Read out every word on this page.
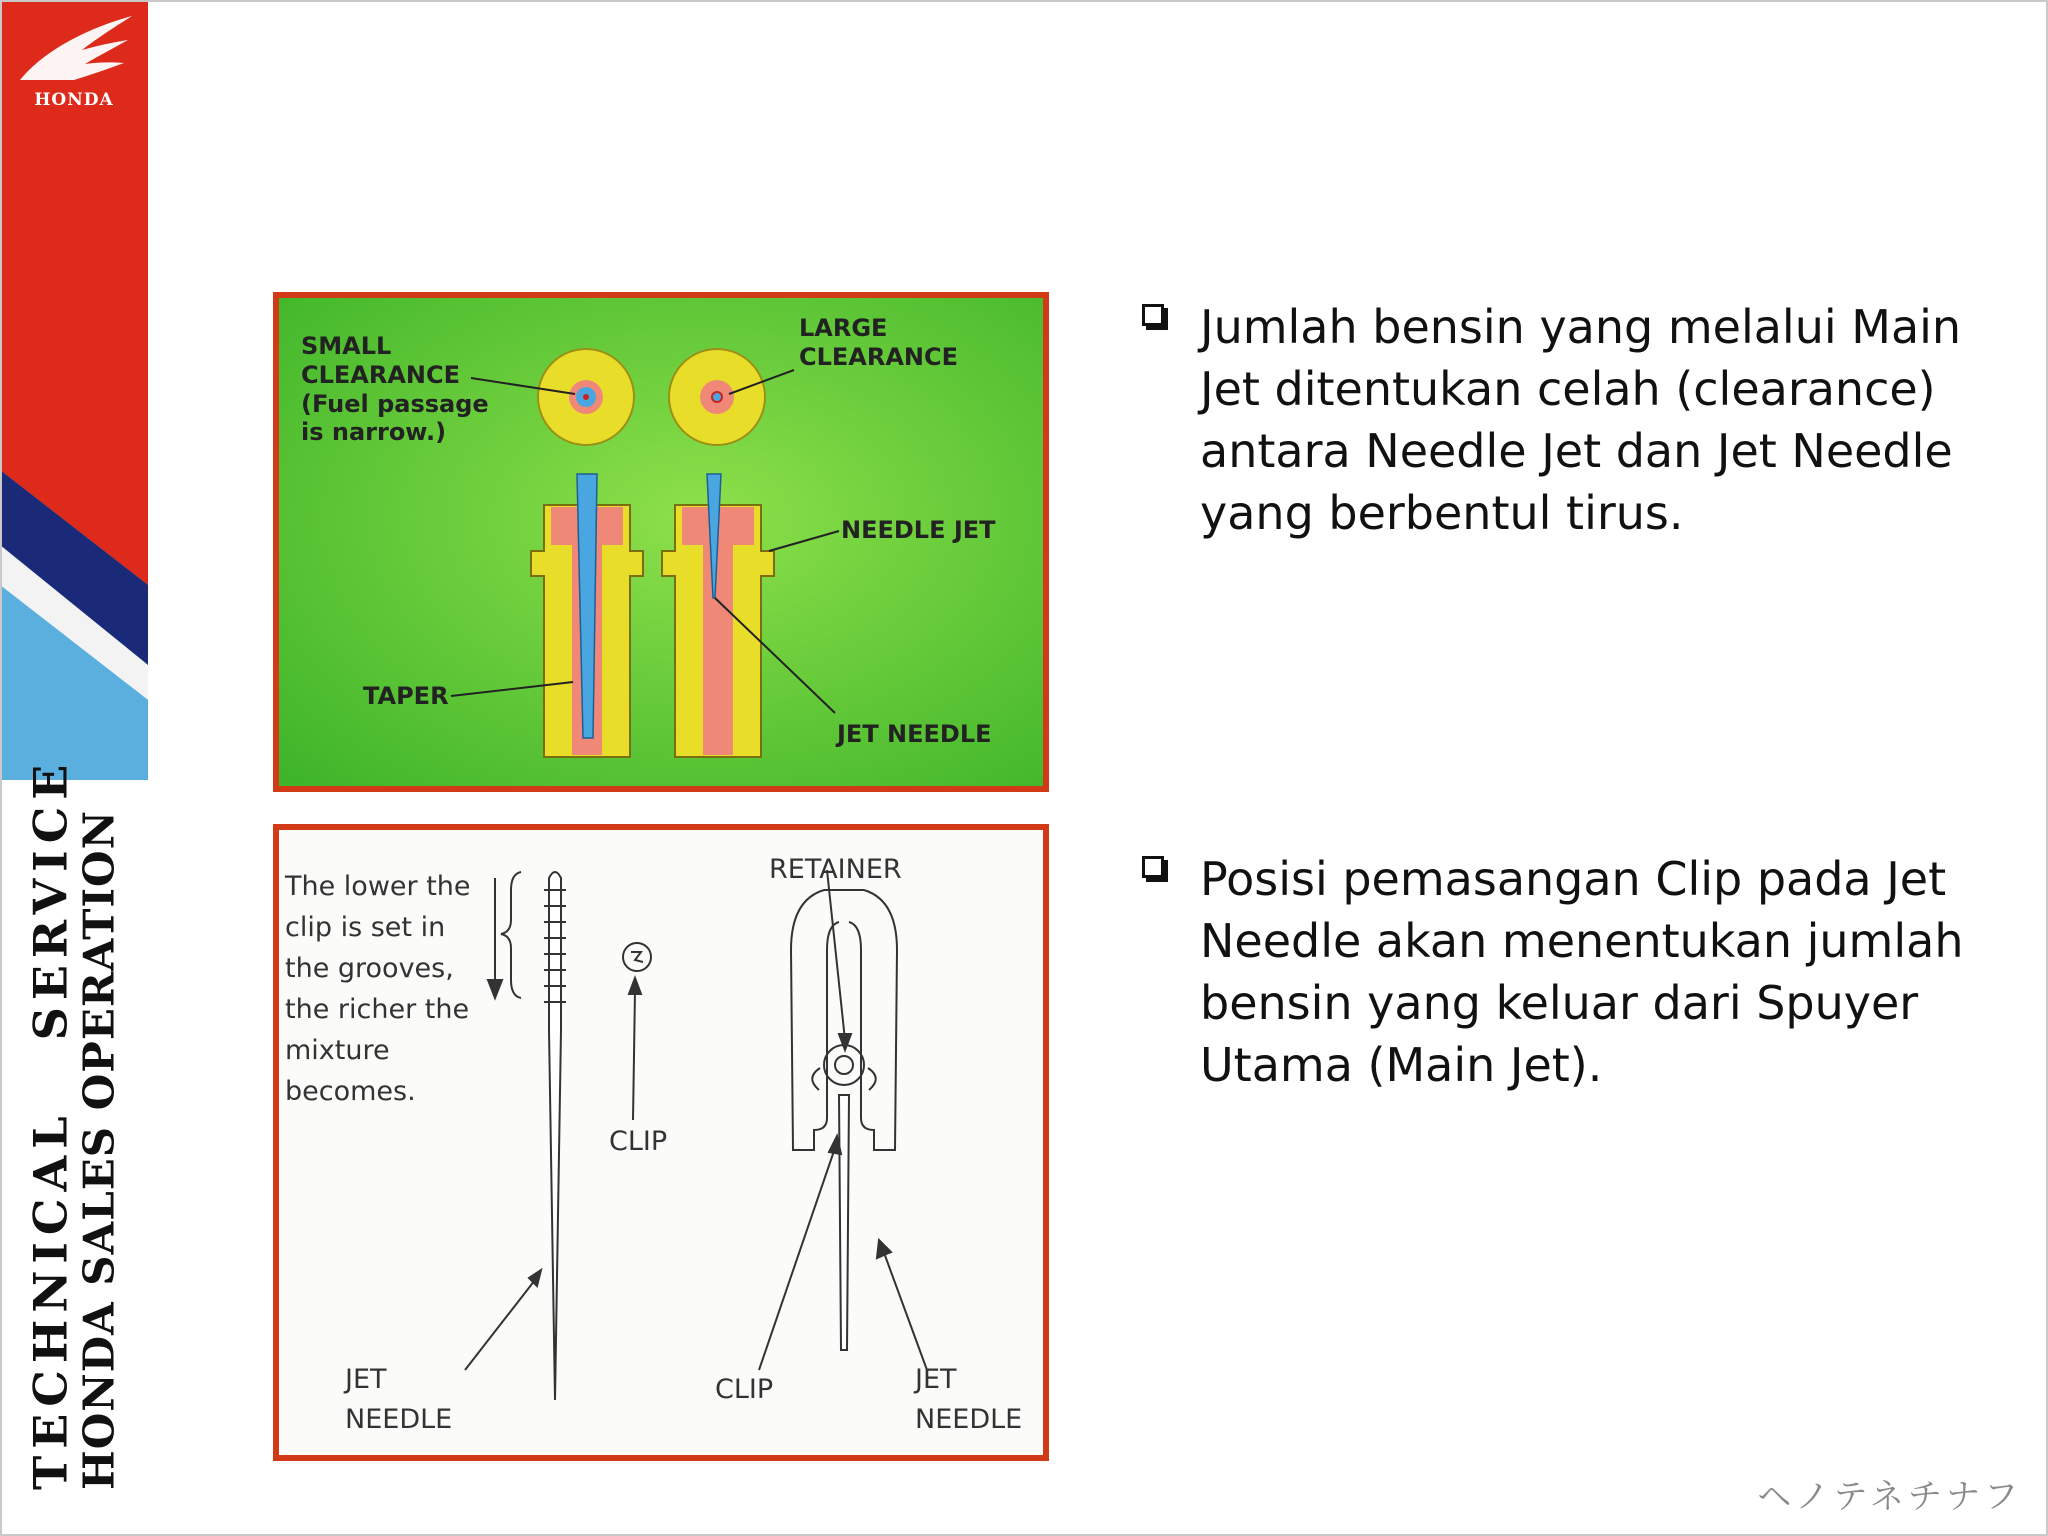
HONDA
TECHNICAL   SERVICE
HONDA SALES OPERATION
SMALL
CLEARANCE
(Fuel passage
is narrow.)
LARGE
CLEARANCE
NEEDLE JET
TAPER
JET NEEDLE
The lower the
clip is set in
the grooves,
the richer the
mixture
becomes.
CLIP
RETAINER
JET
NEEDLE
CLIP	JET
NEEDLE
Jumlah bensin yang melalui Main Jet ditentukan celah (clearance) antara Needle Jet dan Jet Needle yang berbentul tirus.
Posisi pemasangan Clip pada Jet Needle akan menentukan jumlah bensin yang keluar dari Spuyer Utama (Main Jet).
ヘノテネチナフ
